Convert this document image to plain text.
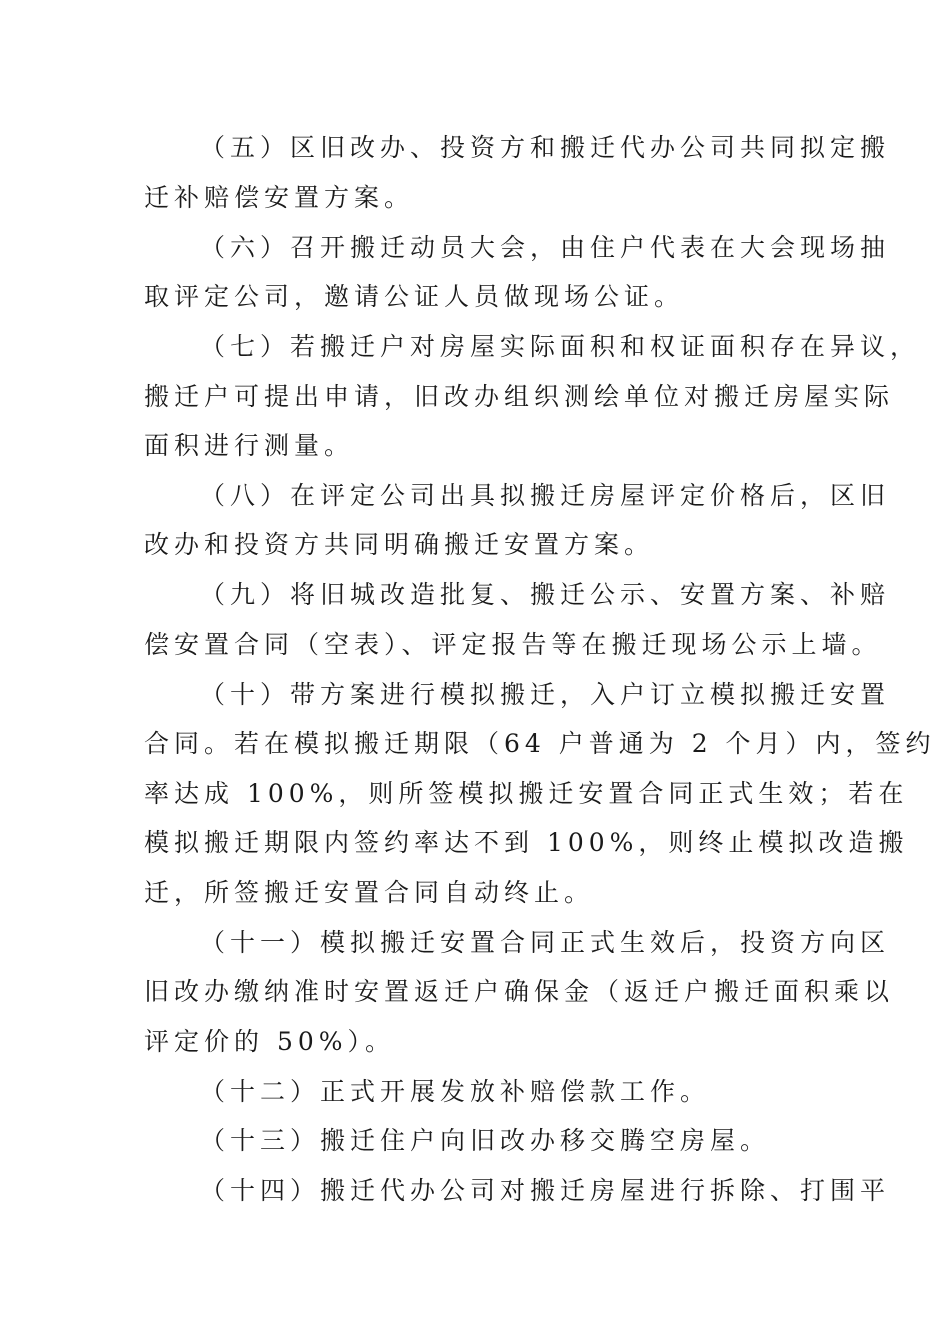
（五）区旧改办、投资方和搬迁代办公司共同拟定搬
迁补赔偿安置方案。
（六）召开搬迁动员大会，由住户代表在大会现场抽
取评定公司，邀请公证人员做现场公证。
（七）若搬迁户对房屋实际面积和权证面积存在异议，
搬迁户可提出申请，旧改办组织测绘单位对搬迁房屋实际
面积进行测量。
（八）在评定公司出具拟搬迁房屋评定价格后，区旧
改办和投资方共同明确搬迁安置方案。
（九）将旧城改造批复、搬迁公示、安置方案、补赔
偿安置合同（空表）、评定报告等在搬迁现场公示上墙。
（十）带方案进行模拟搬迁，入户订立模拟搬迁安置
合同。若在模拟搬迁期限（64 户普通为 2 个月）内，签约
率达成 100%，则所签模拟搬迁安置合同正式生效；若在
模拟搬迁期限内签约率达不到 100%，则终止模拟改造搬
迁，所签搬迁安置合同自动终止。
（十一）模拟搬迁安置合同正式生效后，投资方向区
旧改办缴纳准时安置返迁户确保金（返迁户搬迁面积乘以
评定价的 50%）。
（十二）正式开展发放补赔偿款工作。
（十三）搬迁住户向旧改办移交腾空房屋。
（十四）搬迁代办公司对搬迁房屋进行拆除、打围平
